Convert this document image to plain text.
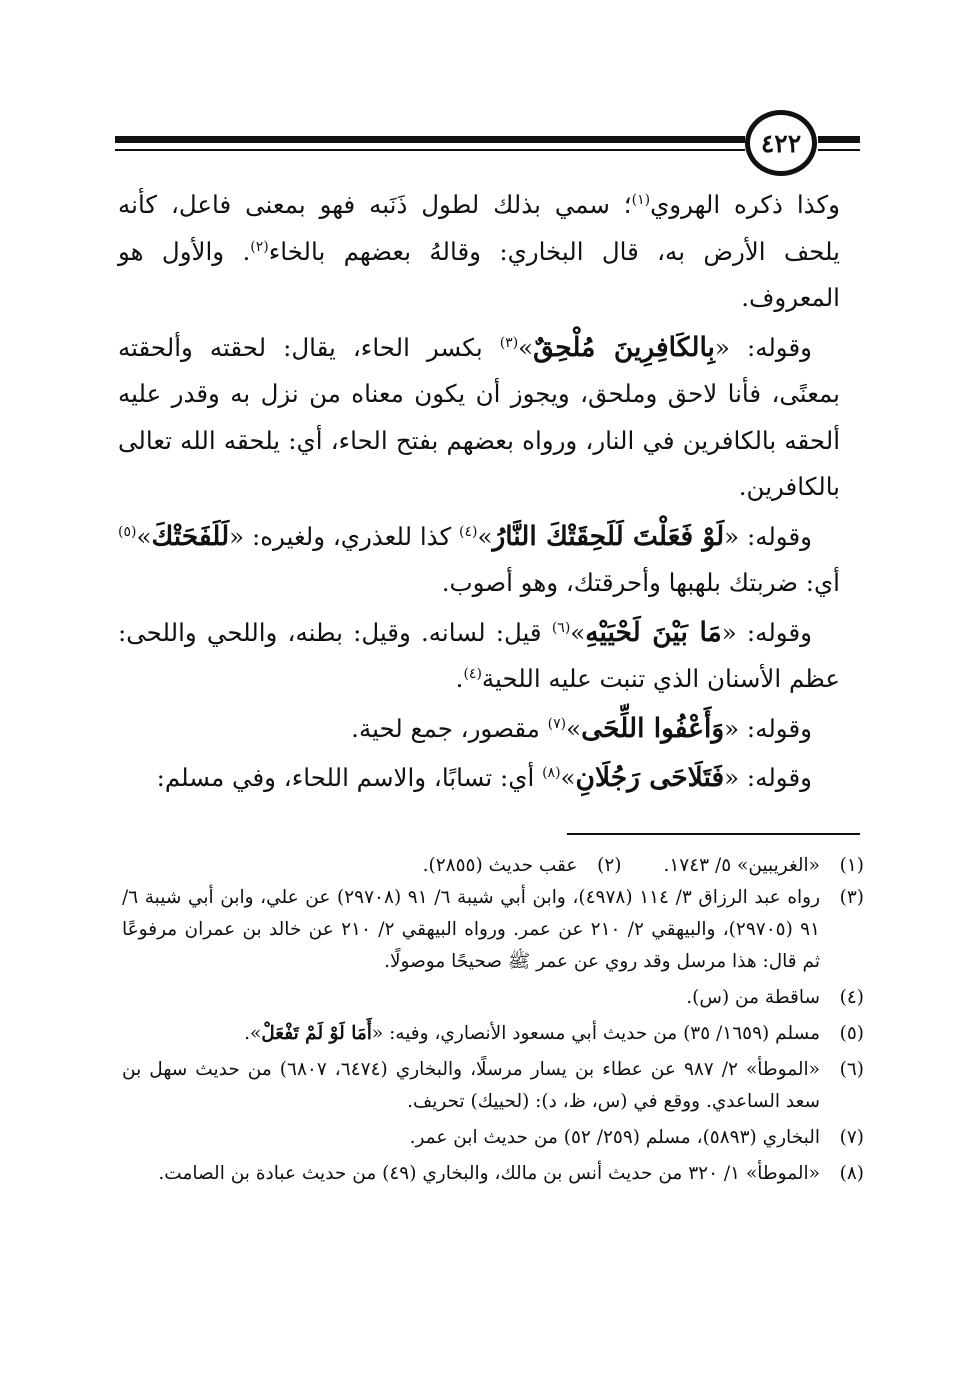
٤٢٢

وكذا ذكره الهروي$^{(١)}$؛ سمي بذلك لطول ذَنَبه فهو بمعنى فاعل، كأنه يلحف الأرض به، قال البخاري: وقالهُ بعضهم بالخاء$^{(٢)}$. والأول هو المعروف.

وقوله: «بِالكَافِرِينَ مُلْحِقٌ»$^{(٣)}$ بكسر الحاء، يقال: لحقته وألحقته بمعنًى، فأنا لاحق وملحق، ويجوز أن يكون معناه من نزل به وقدر عليه ألحقه بالكافرين في النار، ورواه بعضهم بفتح الحاء، أي: يلحقه الله تعالى بالكافرين.

وقوله: «لَوْ فَعَلْتَ لَلَحِقَتْكَ النَّارُ»$^{(٤)}$ كذا للعذري، ولغيره: «لَلَفَحَتْكَ»$^{(٥)}$ أي: ضربتك بلهبها وأحرقتك، وهو أصوب.

وقوله: «مَا بَيْنَ لَحْيَيْهِ»$^{(٦)}$ قيل: لسانه. وقيل: بطنه، واللحي واللحى: عظم الأسنان الذي تنبت عليه اللحية$^{(٤)}$.

وقوله: «وَأَعْفُوا اللِّحَى»$^{(٧)}$ مقصور، جمع لحية.

وقوله: «فَتَلَاحَى رَجُلَانِ»$^{(٨)}$ أي: تسابًا، والاسم اللحاء، وفي مسلم:

(١)
«الغريبين» ٥/ ١٧٤٣.
(٢)
عقب حديث (٢٨٥٥).
(٣)
رواه عبد الرزاق ٣/ ١١٤ (٤٩٧٨)، وابن أبي شيبة ٦/ ٩١ (٢٩٧٠٨) عن علي، وابن أبي شيبة ٦/ ٩١ (٢٩٧٠٥)، والبيهقي ٢/ ٢١٠ عن عمر. ورواه البيهقي ٢/ ٢١٠ عن خالد بن عمران مرفوعًا ثم قال: هذا مرسل وقد روي عن عمر ﷺ صحيحًا موصولًا.
(٤)
ساقطة من (س).
(٥)
مسلم (١٦٥٩/ ٣٥) من حديث أبي مسعود الأنصاري، وفيه: «أَمَا لَوْ لَمْ تَفْعَلْ».
(٦)
«الموطأ» ٢/ ٩٨٧ عن عطاء بن يسار مرسلًا، والبخاري (٦٤٧٤، ٦٨٠٧) من حديث سهل بن سعد الساعدي. ووقع في (س، ظ، د): (لحييك) تحريف.
(٧)
البخاري (٥٨٩٣)، مسلم (٢٥٩/ ٥٢) من حديث ابن عمر.
(٨)
«الموطأ» ١/ ٣٢٠ من حديث أنس بن مالك، والبخاري (٤٩) من حديث عبادة بن الصامت.
